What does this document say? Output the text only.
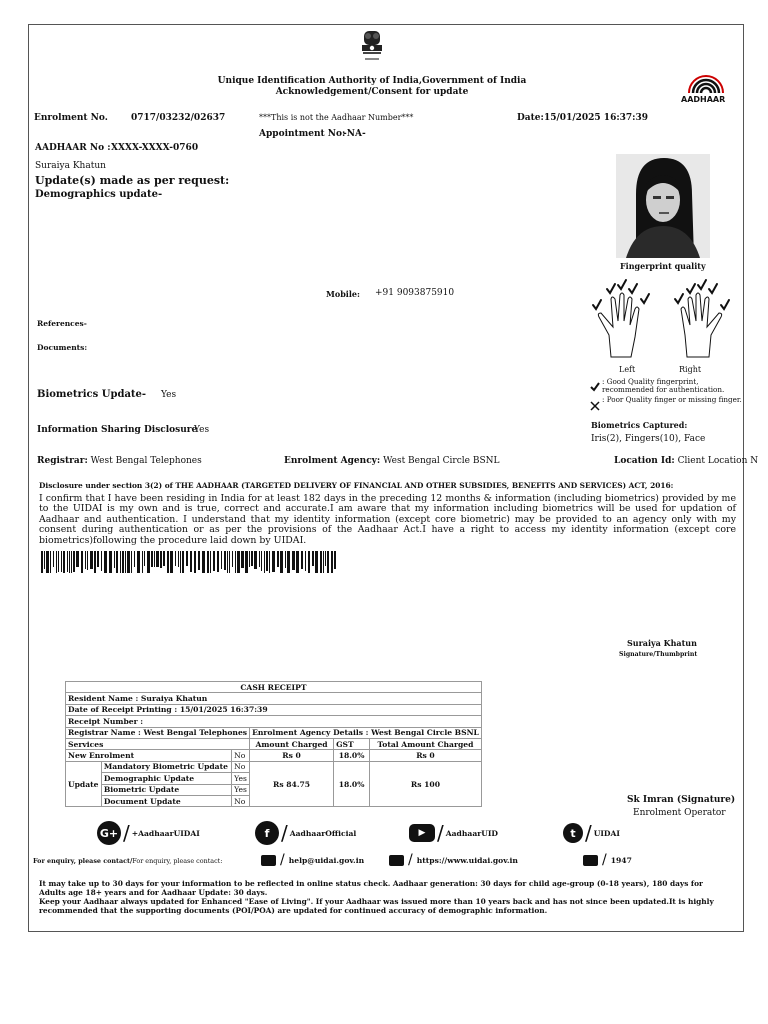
Unique Identification Authority of India,Government of India
Acknowledgement/Consent for update
AADHAAR
Enrolment No.	0717/03232/02637	***This is not the Aadhaar Number***	Date: 15/01/2025 16:37:39
Appointment No:
-NA-
AADHAAR No : XXXX-XXXX-0760
Suraiya Khatun
Update(s) made as per request:
Demographics update-
Fingerprint quality
Left	Right
: Good Quality fingerprint, recommended for authentication.
: Poor Quality finger or missing finger.
Biometrics Captured:
Iris(2), Fingers(10), Face
Mobile: +91 9093875910
References-
Documents:
Biometrics Update- Yes
Information Sharing Disclosure
Yes
Registrar: West Bengal Telephones	Enrolment Agency: West Bengal Circle BSNL	Location Id: Client Location N
Disclosure under section 3(2) of THE AADHAAR (TARGETED DELIVERY OF FINANCIAL AND OTHER SUBSIDIES, BENEFITS AND SERVICES) ACT, 2016:
I confirm that I have been residing in India for at least 182 days in the preceding 12 months & information (including biometrics) provided by me to the UIDAI is my own and is true, correct and accurate.I am aware that my information including biometrics will be used for updation of Aadhaar and authentication. I understand that my identity information (except core biometric) may be provided to an agency only with my consent during authentication or as per the provisions of the Aadhaar Act.I have a right to access my identity information (except core biometrics)following the procedure laid down by UIDAI.
Suraiya Khatun
Signature/Thumbprint
CASH RECEIPT					
Resident Name : Suraiya Khatun					
Date of Receipt Printing : 15/01/2025 16:37:39					
Receipt Number :					
Registrar Name : West Bengal Telephones			Enrolment Agency Details : West Bengal Circle BSNL		
Services			Amount Charged	GST	Total Amount Charged
New Enrolment		No	Rs 0	18.0%	Rs 0
Update	Mandatory Biometric Update	No	Rs 84.75	18.0%	Rs 100
	Demographic Update	Yes			
	Biometric Update	Yes			
	Document Update	No				Sk Imran (Signature)
Enrolment Operator
G+ / +AadhaarUIDAI	f / AadhaarOfficial	▶ / AadhaarUID	t / UIDAI
For enquiry, please contact/For enquiry, please contact:	/ help@uidai.gov.in	/ https://www.uidai.gov.in	/ 1947
It may take up to 30 days for your information to be reflected in online status check. Aadhaar generation: 30 days for child age-group (0-18 years), 180 days for Adults age 18+ years and for Aadhaar Update: 30 days.
Keep your Aadhaar always updated for Enhanced "Ease of Living". If your Aadhaar was issued more than 10 years back and has not since been updated.It is highly recommended that the supporting documents (POI/POA) are updated for continued accuracy of demographic information.
